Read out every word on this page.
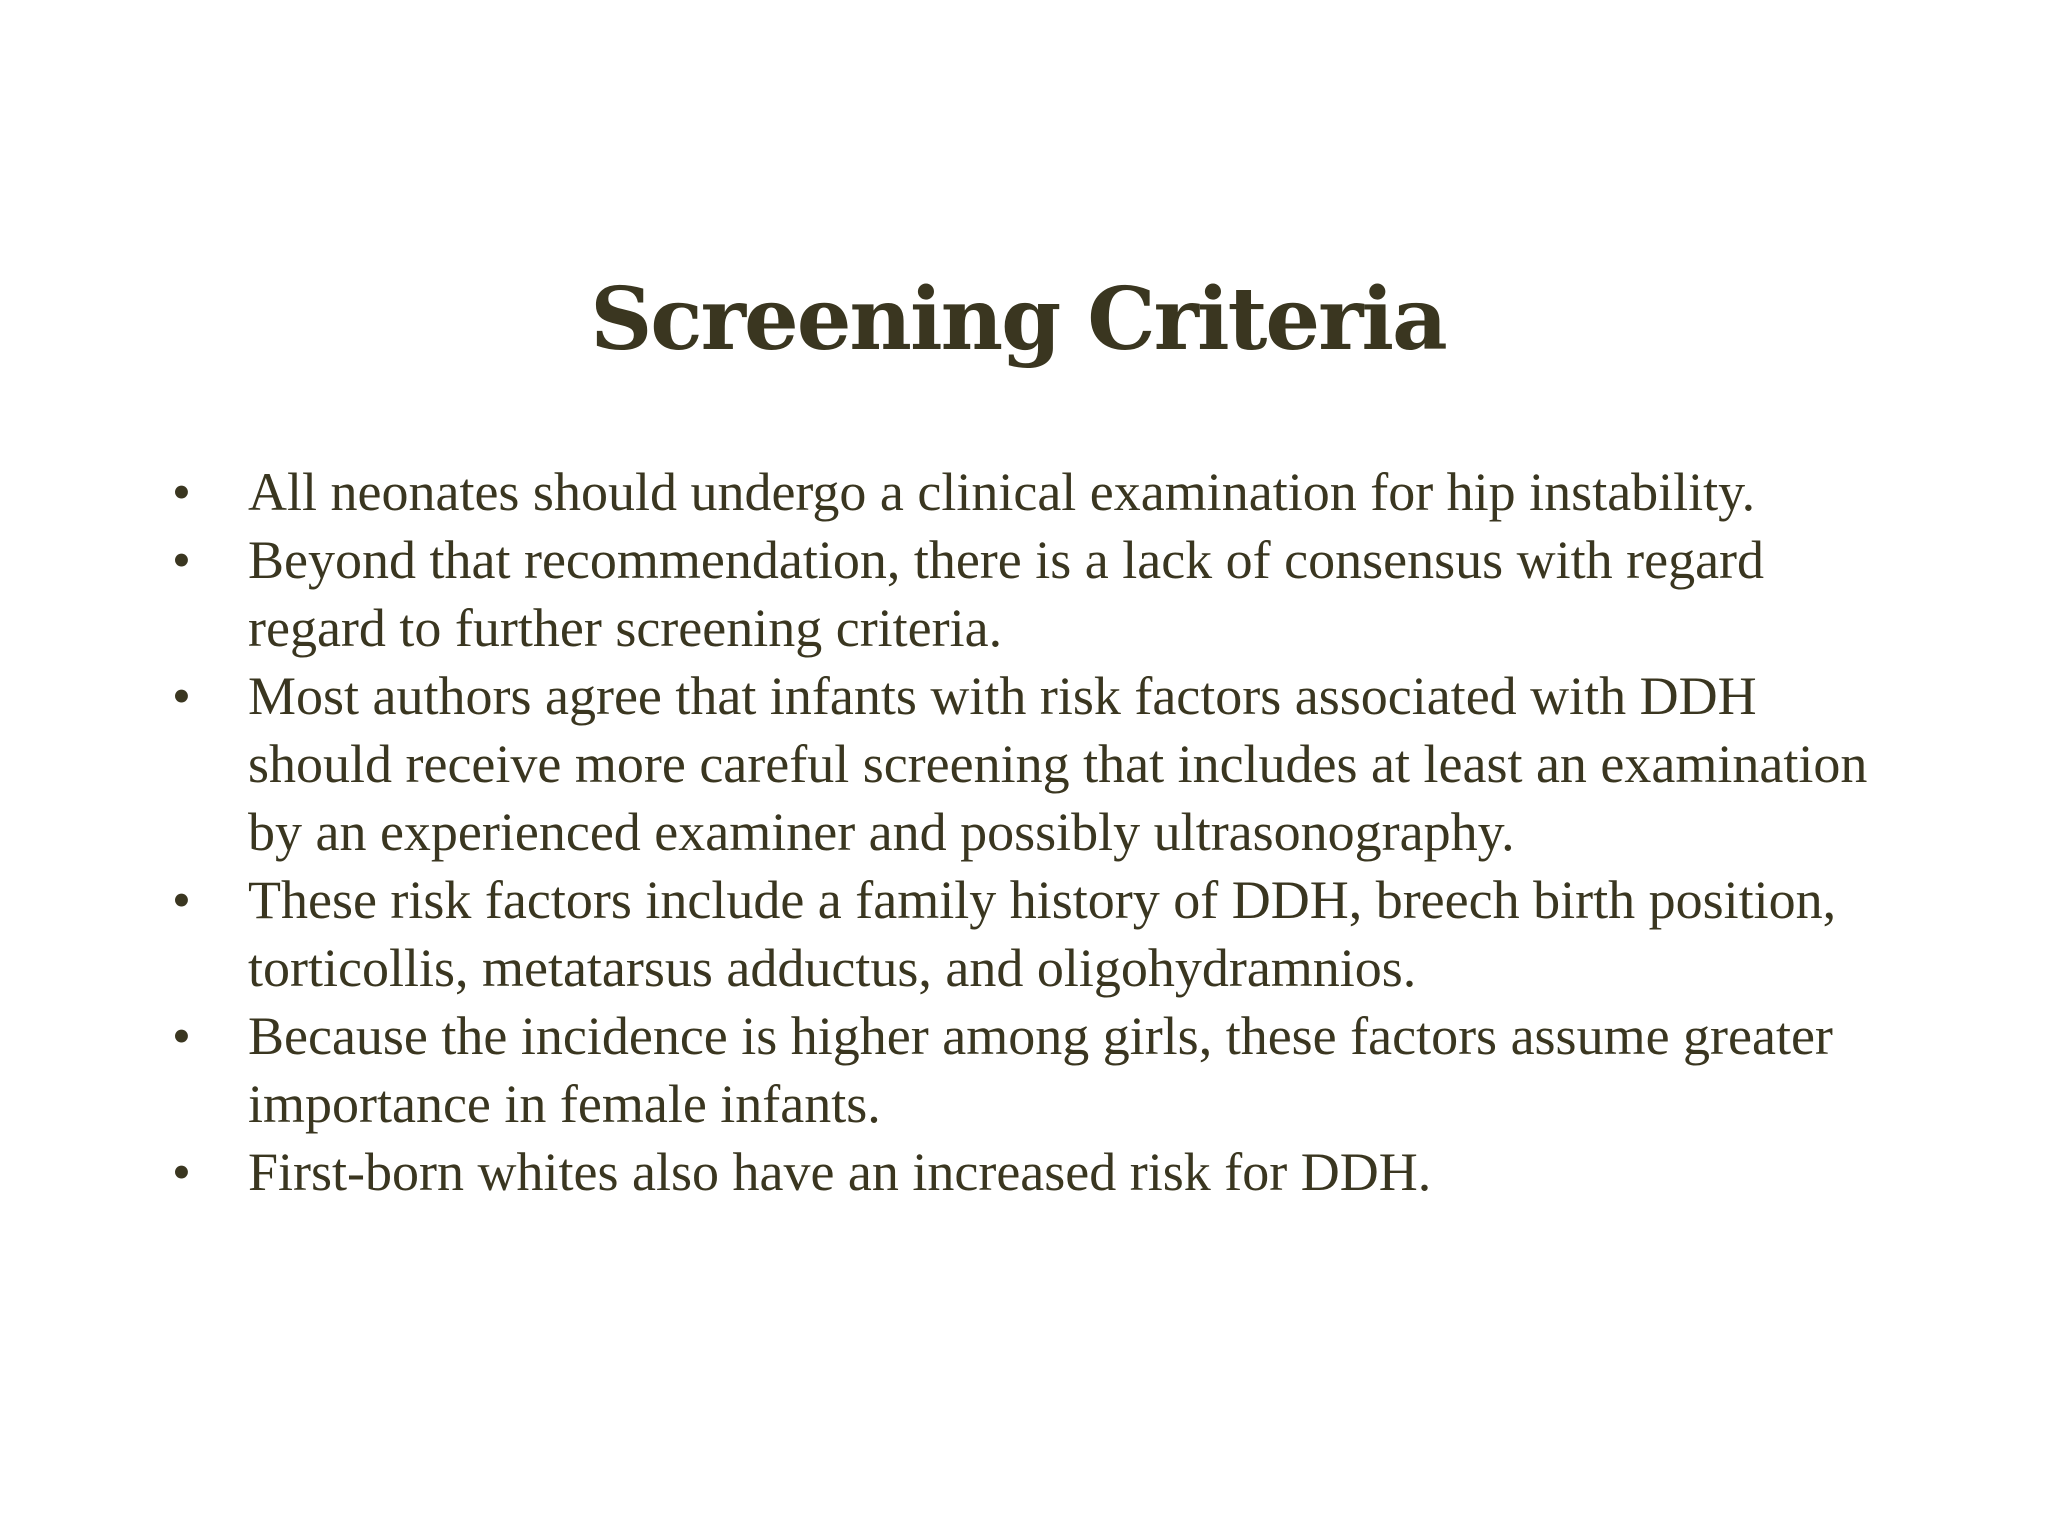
Screening Criteria
• All neonates should undergo a clinical examination for hip instability.
• Beyond that recommendation, there is a lack of consensus with regard regard to further screening criteria.
• Most authors agree that infants with risk factors associated with DDH should receive more careful screening that includes at least an examination by an experienced examiner and possibly ultrasonography.
• These risk factors include a family history of DDH, breech birth position, torticollis, metatarsus adductus, and oligohydramnios.
• Because the incidence is higher among girls, these factors assume greater importance in female infants.
• First-born whites also have an increased risk for DDH.
